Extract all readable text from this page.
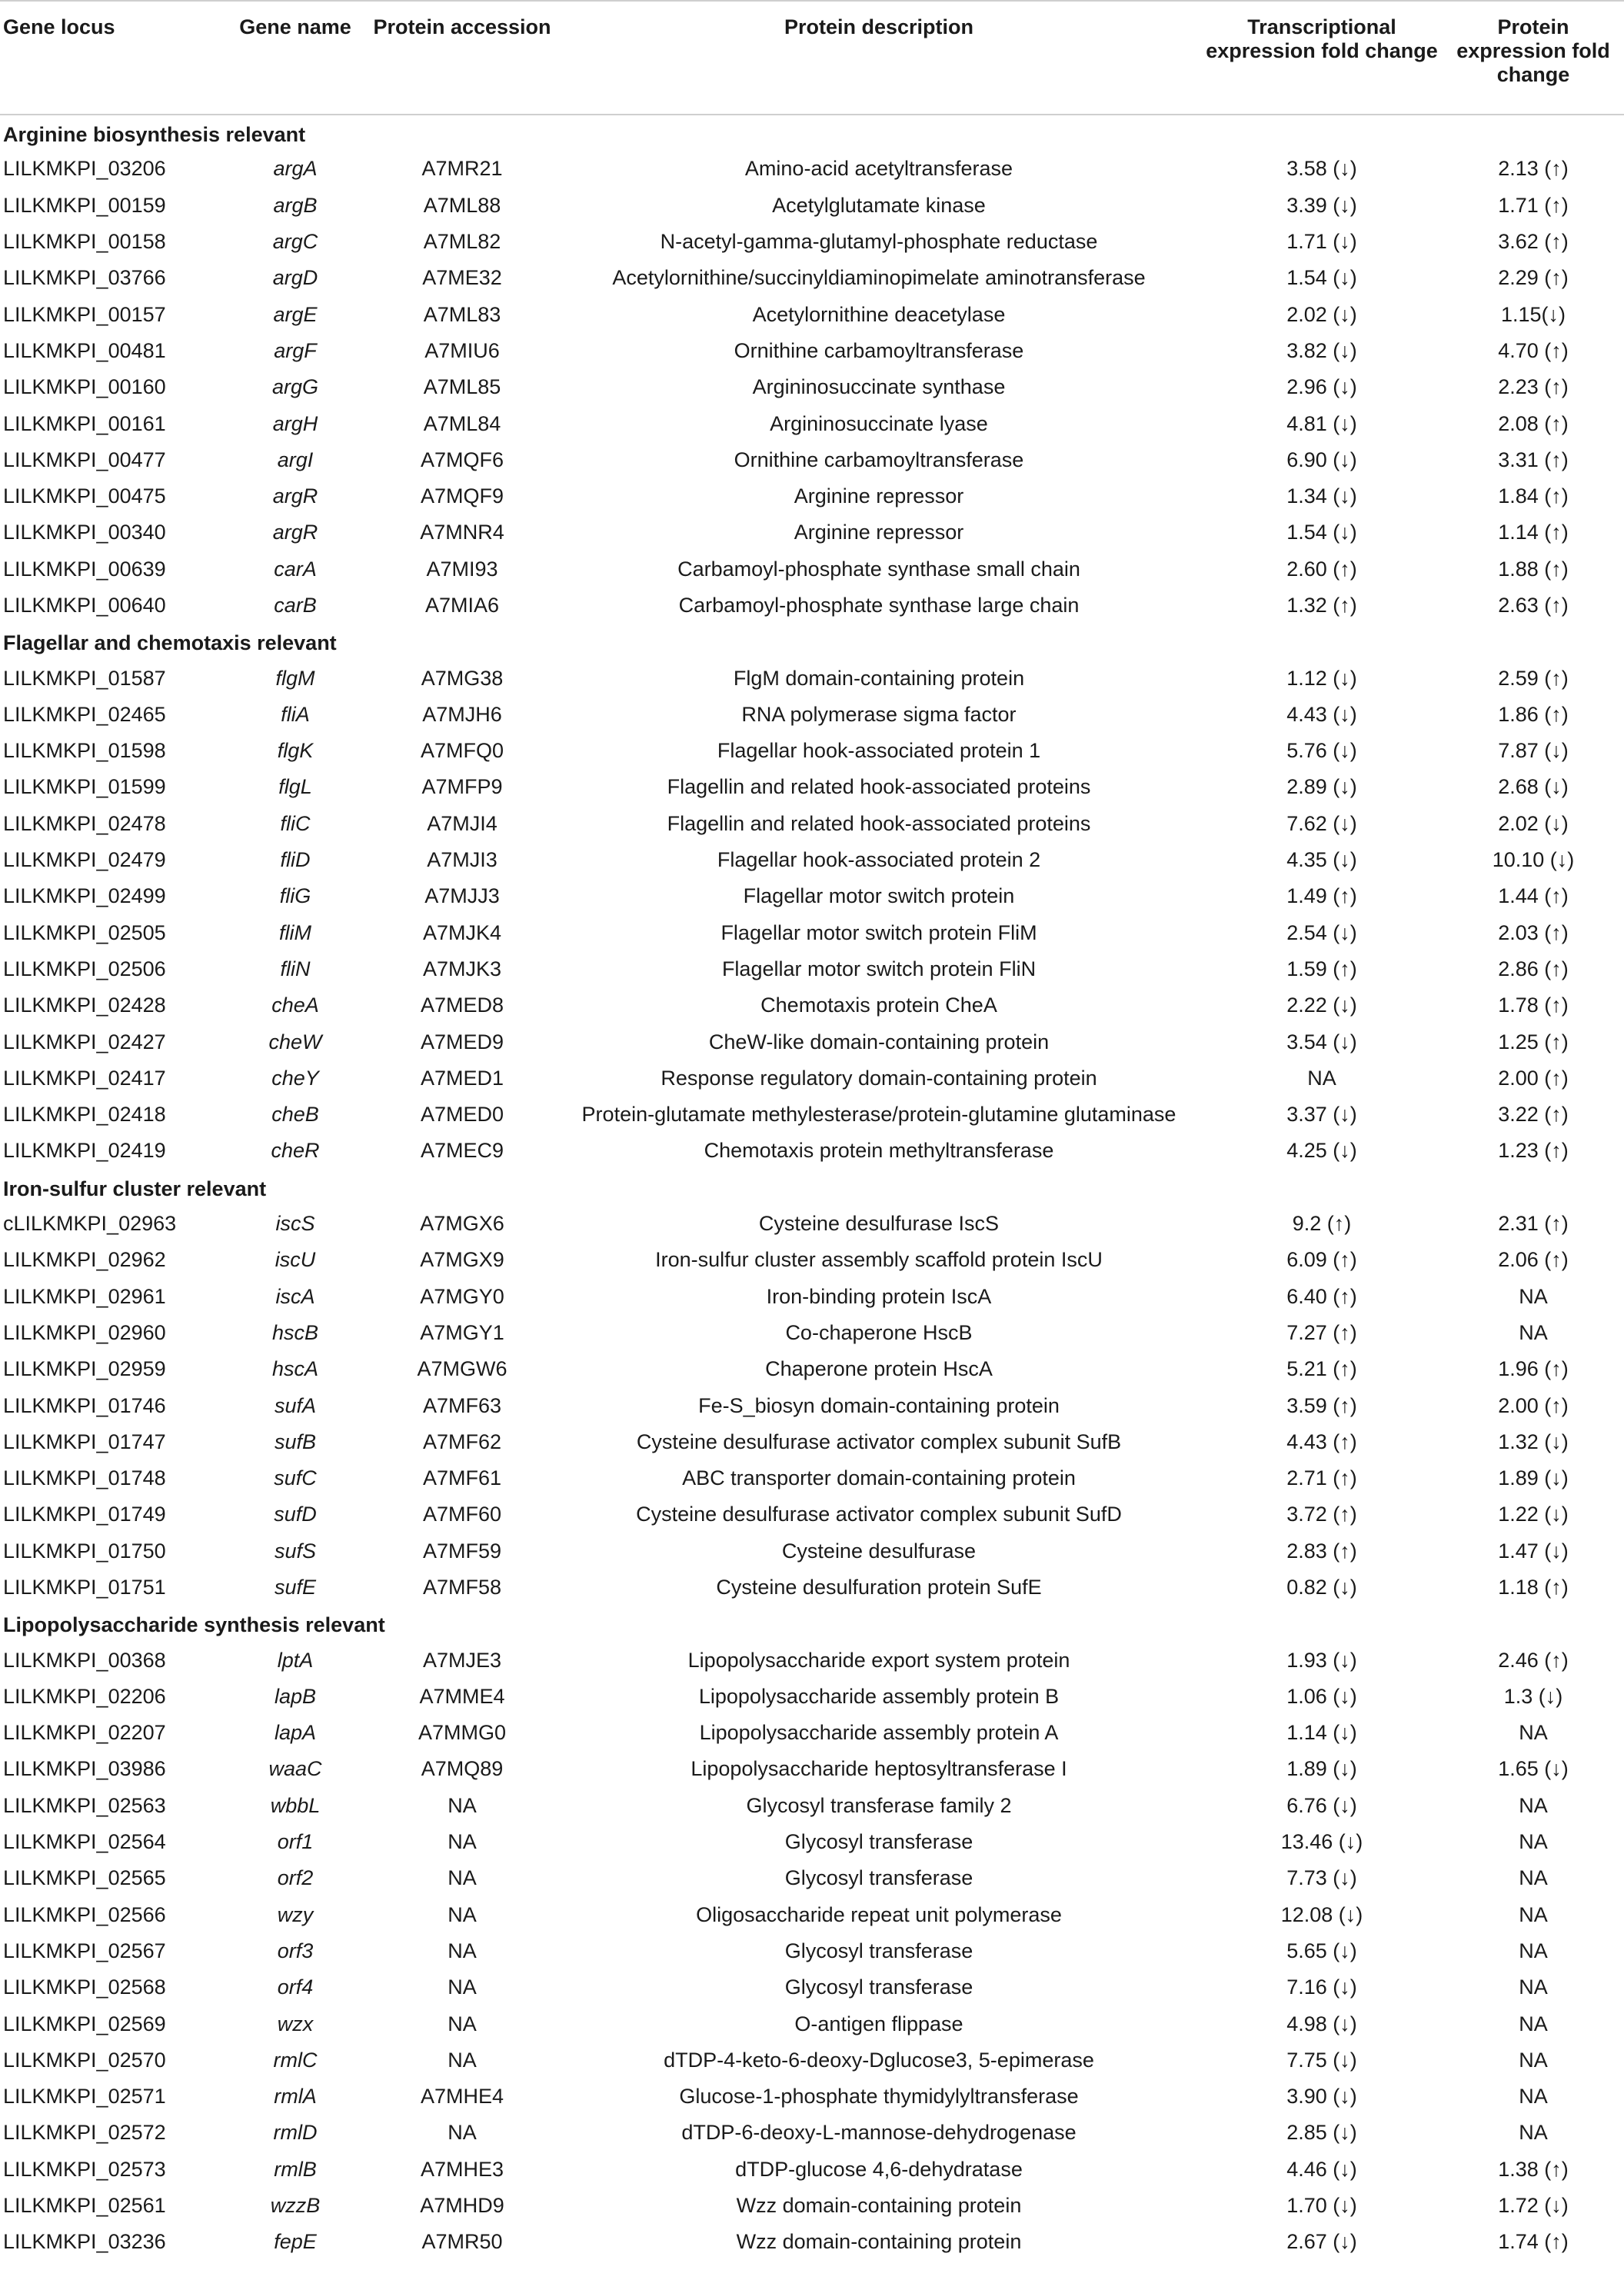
Gene locus	Gene name	Protein accession	Protein description	Transcriptional expression fold change	Protein expression fold change
Arginine biosynthesis relevant					
LILKMKPI_03206	argA	A7MR21	Amino-acid acetyltransferase	3.58 (↓)	2.13 (↑)
LILKMKPI_00159	argB	A7ML88	Acetylglutamate kinase	3.39 (↓)	1.71 (↑)
LILKMKPI_00158	argC	A7ML82	N-acetyl-gamma-glutamyl-phosphate reductase	1.71 (↓)	3.62 (↑)
LILKMKPI_03766	argD	A7ME32	Acetylornithine/succinyldiaminopimelate aminotransferase	1.54 (↓)	2.29 (↑)
LILKMKPI_00157	argE	A7ML83	Acetylornithine deacetylase	2.02 (↓)	1.15(↓)
LILKMKPI_00481	argF	A7MIU6	Ornithine carbamoyltransferase	3.82 (↓)	4.70 (↑)
LILKMKPI_00160	argG	A7ML85	Argininosuccinate synthase	2.96 (↓)	2.23 (↑)
LILKMKPI_00161	argH	A7ML84	Argininosuccinate lyase	4.81 (↓)	2.08 (↑)
LILKMKPI_00477	argI	A7MQF6	Ornithine carbamoyltransferase	6.90 (↓)	3.31 (↑)
LILKMKPI_00475	argR	A7MQF9	Arginine repressor	1.34 (↓)	1.84 (↑)
LILKMKPI_00340	argR	A7MNR4	Arginine repressor	1.54 (↓)	1.14 (↑)
LILKMKPI_00639	carA	A7MI93	Carbamoyl-phosphate synthase small chain	2.60 (↑)	1.88 (↑)
LILKMKPI_00640	carB	A7MIA6	Carbamoyl-phosphate synthase large chain	1.32 (↑)	2.63 (↑)
Flagellar and chemotaxis relevant					
LILKMKPI_01587	flgM	A7MG38	FlgM domain-containing protein	1.12 (↓)	2.59 (↑)
LILKMKPI_02465	fliA	A7MJH6	RNA polymerase sigma factor	4.43 (↓)	1.86 (↑)
LILKMKPI_01598	flgK	A7MFQ0	Flagellar hook-associated protein 1	5.76 (↓)	7.87 (↓)
LILKMKPI_01599	flgL	A7MFP9	Flagellin and related hook-associated proteins	2.89 (↓)	2.68 (↓)
LILKMKPI_02478	fliC	A7MJI4	Flagellin and related hook-associated proteins	7.62 (↓)	2.02 (↓)
LILKMKPI_02479	fliD	A7MJI3	Flagellar hook-associated protein 2	4.35 (↓)	10.10 (↓)
LILKMKPI_02499	fliG	A7MJJ3	Flagellar motor switch protein	1.49 (↑)	1.44 (↑)
LILKMKPI_02505	fliM	A7MJK4	Flagellar motor switch protein FliM	2.54 (↓)	2.03 (↑)
LILKMKPI_02506	fliN	A7MJK3	Flagellar motor switch protein FliN	1.59 (↑)	2.86 (↑)
LILKMKPI_02428	cheA	A7MED8	Chemotaxis protein CheA	2.22 (↓)	1.78 (↑)
LILKMKPI_02427	cheW	A7MED9	CheW-like domain-containing protein	3.54 (↓)	1.25 (↑)
LILKMKPI_02417	cheY	A7MED1	Response regulatory domain-containing protein	NA	2.00 (↑)
LILKMKPI_02418	cheB	A7MED0	Protein-glutamate methylesterase/protein-glutamine glutaminase	3.37 (↓)	3.22 (↑)
LILKMKPI_02419	cheR	A7MEC9	Chemotaxis protein methyltransferase	4.25 (↓)	1.23 (↑)
Iron-sulfur cluster relevant					
cLILKMKPI_02963	iscS	A7MGX6	Cysteine desulfurase IscS	9.2 (↑)	2.31 (↑)
LILKMKPI_02962	iscU	A7MGX9	Iron-sulfur cluster assembly scaffold protein IscU	6.09 (↑)	2.06 (↑)
LILKMKPI_02961	iscA	A7MGY0	Iron-binding protein IscA	6.40 (↑)	NA
LILKMKPI_02960	hscB	A7MGY1	Co-chaperone HscB	7.27 (↑)	NA
LILKMKPI_02959	hscA	A7MGW6	Chaperone protein HscA	5.21 (↑)	1.96 (↑)
LILKMKPI_01746	sufA	A7MF63	Fe-S_biosyn domain-containing protein	3.59 (↑)	2.00 (↑)
LILKMKPI_01747	sufB	A7MF62	Cysteine desulfurase activator complex subunit SufB	4.43 (↑)	1.32 (↓)
LILKMKPI_01748	sufC	A7MF61	ABC transporter domain-containing protein	2.71 (↑)	1.89 (↓)
LILKMKPI_01749	sufD	A7MF60	Cysteine desulfurase activator complex subunit SufD	3.72 (↑)	1.22 (↓)
LILKMKPI_01750	sufS	A7MF59	Cysteine desulfurase	2.83 (↑)	1.47 (↓)
LILKMKPI_01751	sufE	A7MF58	Cysteine desulfuration protein SufE	0.82 (↓)	1.18 (↑)
Lipopolysaccharide synthesis relevant					
LILKMKPI_00368	lptA	A7MJE3	Lipopolysaccharide export system protein	1.93 (↓)	2.46 (↑)
LILKMKPI_02206	lapB	A7MME4	Lipopolysaccharide assembly protein B	1.06 (↓)	1.3 (↓)
LILKMKPI_02207	lapA	A7MMG0	Lipopolysaccharide assembly protein A	1.14 (↓)	NA
LILKMKPI_03986	waaC	A7MQ89	Lipopolysaccharide heptosyltransferase I	1.89 (↓)	1.65 (↓)
LILKMKPI_02563	wbbL	NA	Glycosyl transferase family 2	6.76 (↓)	NA
LILKMKPI_02564	orf1	NA	Glycosyl transferase	13.46 (↓)	NA
LILKMKPI_02565	orf2	NA	Glycosyl transferase	7.73 (↓)	NA
LILKMKPI_02566	wzy	NA	Oligosaccharide repeat unit polymerase	12.08 (↓)	NA
LILKMKPI_02567	orf3	NA	Glycosyl transferase	5.65 (↓)	NA
LILKMKPI_02568	orf4	NA	Glycosyl transferase	7.16 (↓)	NA
LILKMKPI_02569	wzx	NA	O-antigen flippase	4.98 (↓)	NA
LILKMKPI_02570	rmlC	NA	dTDP-4-keto-6-deoxy-Dglucose3, 5-epimerase	7.75 (↓)	NA
LILKMKPI_02571	rmlA	A7MHE4	Glucose-1-phosphate thymidylyltransferase	3.90 (↓)	NA
LILKMKPI_02572	rmlD	NA	dTDP-6-deoxy-L-mannose-dehydrogenase	2.85 (↓)	NA
LILKMKPI_02573	rmlB	A7MHE3	dTDP-glucose 4,6-dehydratase	4.46 (↓)	1.38 (↑)
LILKMKPI_02561	wzzB	A7MHD9	Wzz domain-containing protein	1.70 (↓)	1.72 (↓)
LILKMKPI_03236	fepE	A7MR50	Wzz domain-containing protein	2.67 (↓)	1.74 (↑)
